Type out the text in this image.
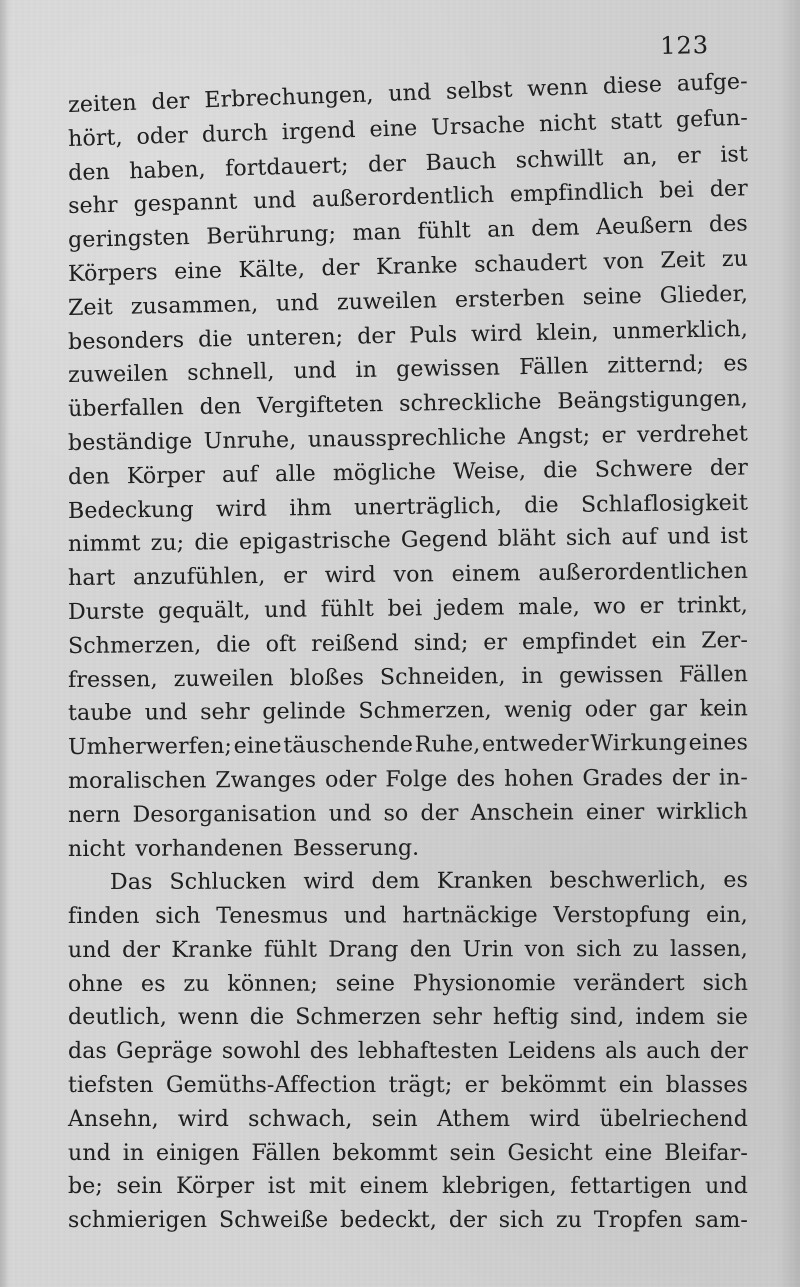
123
zeiten der Erbrechungen, und selbst wenn diese aufge-
hört, oder durch irgend eine Ursache nicht statt gefun-
den haben, fortdauert; der Bauch schwillt an, er ist
sehr gespannt und außerordentlich empfindlich bei der
geringsten Berührung; man fühlt an dem Aeußern des
Körpers eine Kälte, der Kranke schaudert von Zeit zu
Zeit zusammen, und zuweilen ersterben seine Glieder,
besonders die unteren; der Puls wird klein, unmerklich,
zuweilen schnell, und in gewissen Fällen zitternd; es
überfallen den Vergifteten schreckliche Beängstigungen,
beständige Unruhe, unaussprechliche Angst; er verdrehet
den Körper auf alle mögliche Weise, die Schwere der
Bedeckung wird ihm unerträglich, die Schlaflosigkeit
nimmt zu; die epigastrische Gegend bläht sich auf und ist
hart anzufühlen, er wird von einem außerordentlichen
Durste gequält, und fühlt bei jedem male, wo er trinkt,
Schmerzen, die oft reißend sind; er empfindet ein Zer-
fressen, zuweilen bloßes Schneiden, in gewissen Fällen
taube und sehr gelinde Schmerzen, wenig oder gar kein
Umherwerfen; eine täuschende Ruhe, entweder Wirkung eines
moralischen Zwanges oder Folge des hohen Grades der in-
nern Desorganisation und so der Anschein einer wirklich
nicht vorhandenen Besserung.
Das Schlucken wird dem Kranken beschwerlich, es
finden sich Tenesmus und hartnäckige Verstopfung ein,
und der Kranke fühlt Drang den Urin von sich zu lassen,
ohne es zu können; seine Physionomie verändert sich
deutlich, wenn die Schmerzen sehr heftig sind, indem sie
das Gepräge sowohl des lebhaftesten Leidens als auch der
tiefsten Gemüths-Affection trägt; er bekömmt ein blasses
Ansehn, wird schwach, sein Athem wird übelriechend
und in einigen Fällen bekommt sein Gesicht eine Bleifar-
be; sein Körper ist mit einem klebrigen, fettartigen und
schmierigen Schweiße bedeckt, der sich zu Tropfen sam-
